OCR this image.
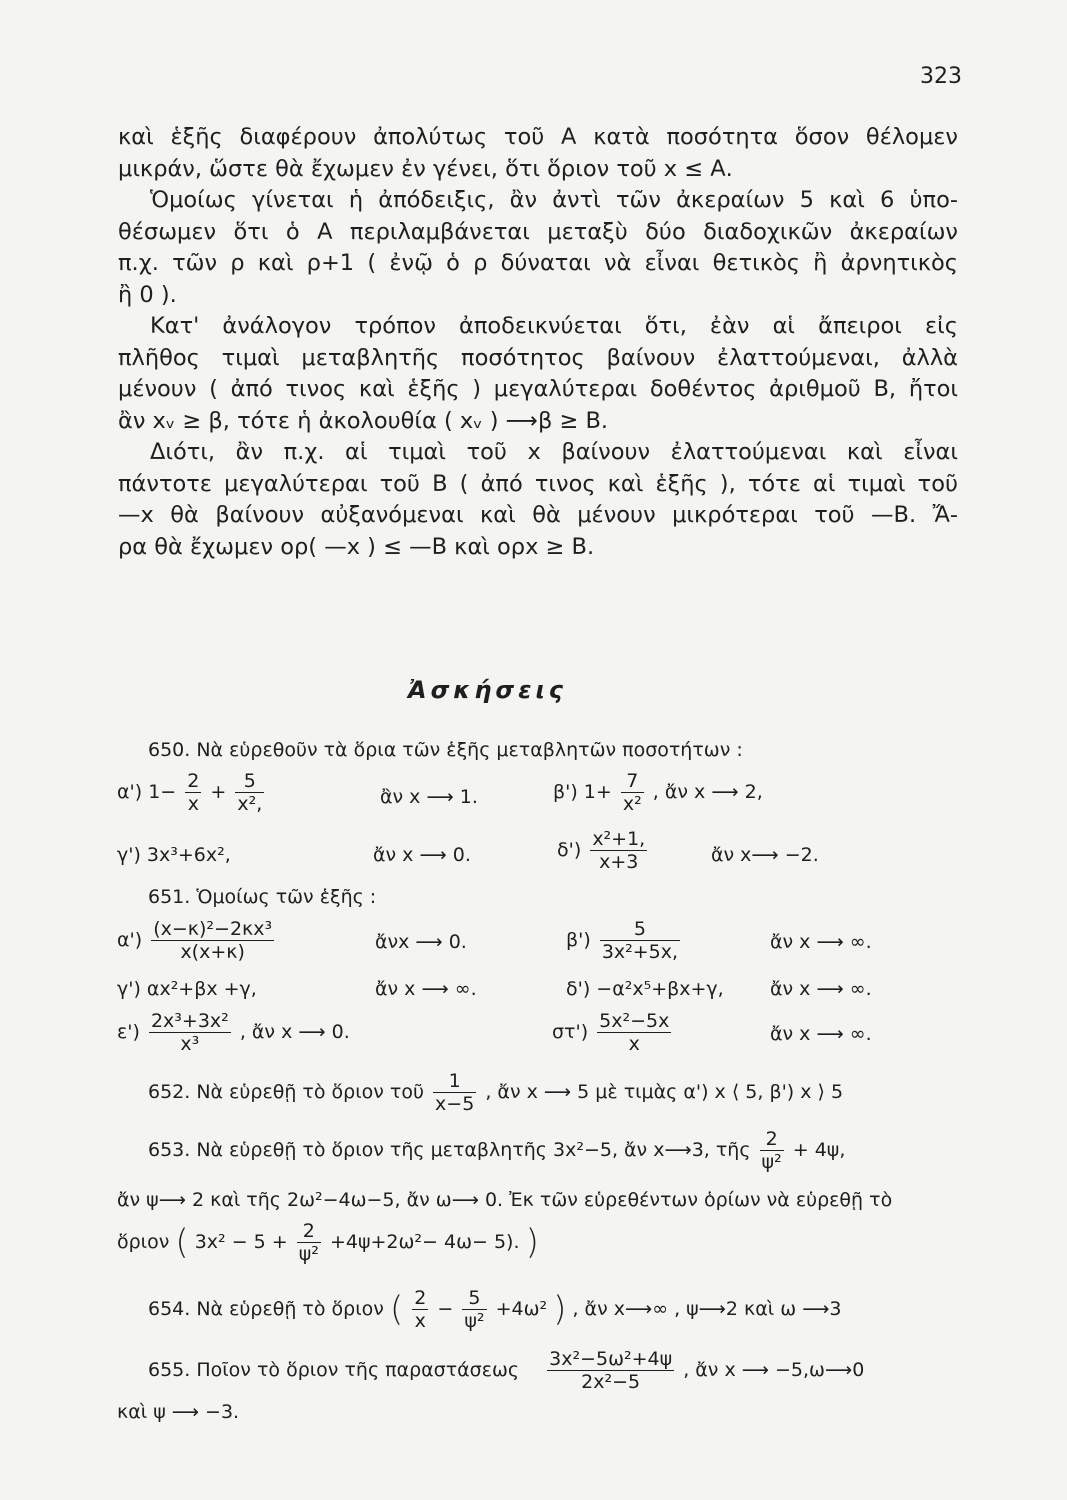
323
καὶ ἑξῆς διαφέρουν ἀπολύτως τοῦ Α κατὰ ποσότητα ὅσον θέλομεν
μικράν, ὥστε θὰ ἔχωμεν ἐν γένει, ὅτι ὅριον τοῦ x ≤ Α.
Ὁμοίως γίνεται ἡ ἀπόδειξις, ἂν ἀντὶ τῶν ἀκεραίων 5 καὶ 6 ὑπο-
θέσωμεν ὅτι ὁ Α περιλαμβάνεται μεταξὺ δύο διαδοχικῶν ἀκεραίων
π.χ. τῶν ρ καὶ ρ+1 ( ἐνῷ ὁ ρ δύναται νὰ εἶναι θετικὸς ἢ ἀρνητικὸς
ἢ 0 ).
Κατ' ἀνάλογον τρόπον ἀποδεικνύεται ὅτι, ἐὰν αἱ ἄπειροι εἰς
πλῆθος τιμαὶ μεταβλητῆς ποσότητος βαίνουν ἐλαττούμεναι, ἀλλὰ
μένουν ( ἀπό τινος καὶ ἑξῆς ) μεγαλύτεραι δοθέντος ἀριθμοῦ Β, ἤτοι
ἂν xᵥ ≥ β, τότε ἡ ἀκολουθία ( xᵥ ) ⟶β ≥ Β.
Διότι, ἂν π.χ. αἱ τιμαὶ τοῦ x βαίνουν ἐλαττούμεναι καὶ εἶναι
πάντοτε μεγαλύτεραι τοῦ Β ( ἀπό τινος καὶ ἑξῆς ), τότε αἱ τιμαὶ τοῦ
—x θὰ βαίνουν αὐξανόμεναι καὶ θὰ μένουν μικρότεραι τοῦ —Β. Ἄ-
ρα θὰ ἔχωμεν ορ( —x ) ≤ —Β καὶ ορx ≥ Β.
Ἀσκήσεις
650. Νὰ εὑρεθοῦν τὰ ὅρια τῶν ἑξῆς μεταβλητῶν ποσοτήτων :
α') $1- \frac{2}{x} + \frac{5}{\text{x²,}}$	ἂν x ⟶ 1.	β') $1+ \frac{7}{\text{x²}}$ , ἄν x ⟶ 2,
γ') 3x³+6x²,	ἄν x ⟶ 0.	$\delta') \frac{\text{x²+1,}}{x+3}$	ἄν x⟶ −2.
651. Ὁμοίως τῶν ἑξῆς :
$\alpha') \frac{\text{(x−κ)²−2κx³}}{x(x+\kappa)}$	ἄνx ⟶ 0.	$\beta') \frac{5}{\text{3x²+5x,}}$	ἄν x ⟶ ∞.
γ') αx²+βx +γ,	ἄν x ⟶ ∞.	δ') −α²x⁵+βx+γ, ἄν x ⟶ ∞.
$\varepsilon') \frac{\text{2x³+3x²}}{\text{x³}}$ , ἄν x ⟶ 0.	$\sigma\tau') \frac{\text{5x²−5x}}{x}$	ἄν x ⟶ ∞.
652. Νὰ εὑρεθῇ τὸ ὅριον τοῦ $\frac{1}{x-5}$ , ἄν x ⟶ 5 μὲ τιμὰς α') x ⟨ 5, β') x ⟩ 5
653. Νὰ εὑρεθῇ τὸ ὅριον τῆς μεταβλητῆς 3x²−5, ἄν x⟶3, τῆς $\frac{2}{\text{ψ²}} + 4\psi$,
ἄν ψ⟶ 2 καὶ τῆς 2ω²−4ω−5, ἄν ω⟶ 0. Ἐκ τῶν εὑρεθέντων ὁρίων νὰ εὑρεθῇ τὸ
ὅριον ( $3x^2 - 5 + \frac{2}{\text{ψ²}} +4\psi+2\omega^2- 4\omega- 5$). )
654. Νὰ εὑρεθῇ τὸ ὅριον ( $\frac{2}{x} - \frac{5}{\text{ψ²}} +4\omega^2$ ) , ἄν x⟶∞ , ψ⟶2 καὶ ω ⟶3
655. Ποῖον τὸ ὅριον τῆς παραστάσεως $\frac{\text{3x²−5ω²+4ψ}}{\text{2x²−5}}$ , ἄν x ⟶ −5,ω⟶0
καὶ ψ ⟶ −3.
